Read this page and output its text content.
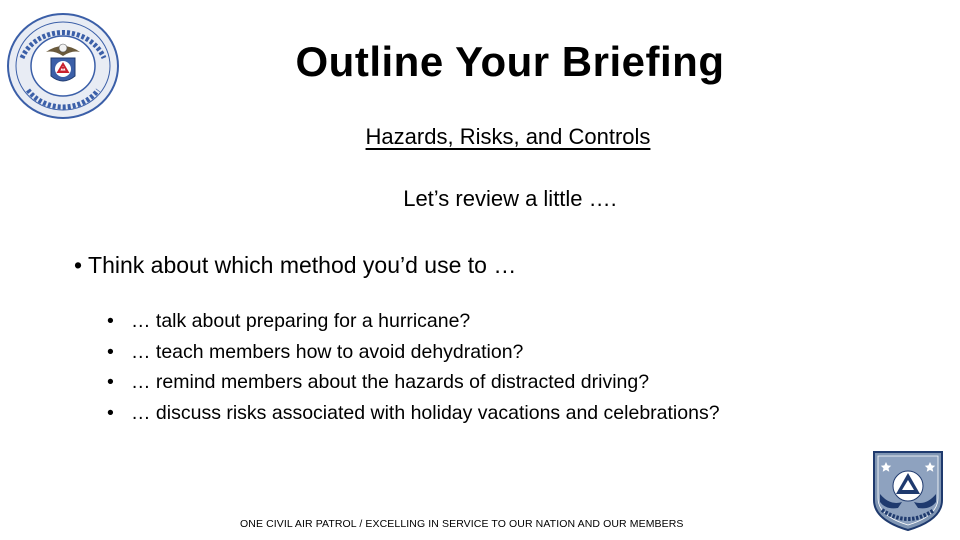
Outline Your Briefing
Hazards, Risks, and Controls
Let’s review a little ….
• Think about which method you’d use to …
• … talk about preparing for a hurricane?
• … teach members how to avoid dehydration?
• … remind members about the hazards of distracted driving?
• … discuss risks associated with holiday vacations and celebrations?
ONE CIVIL AIR PATROL / EXCELLING IN SERVICE TO OUR NATION AND OUR MEMBERS
